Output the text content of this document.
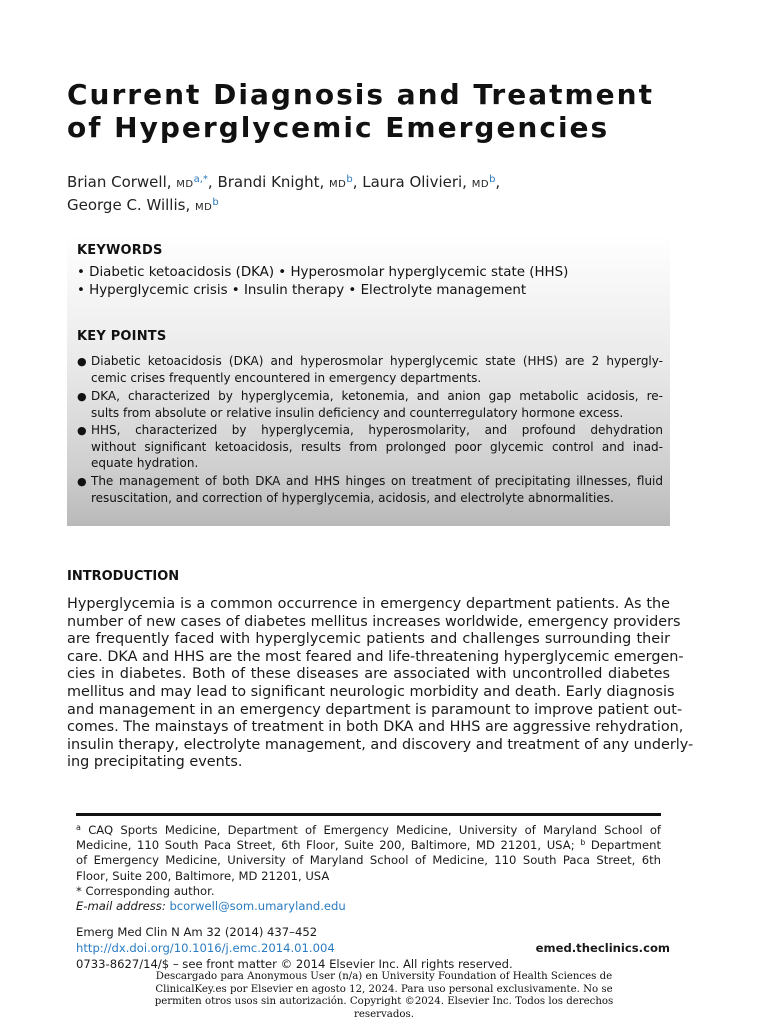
Current Diagnosis and Treatment
of Hyperglycemic Emergencies
Brian Corwell, MD$^{a,*}$, Brandi Knight, MD$^b$, Laura Olivieri, MD$^b$,
George C. Willis, MD$^b$
KEYWORDS
• Diabetic ketoacidosis (DKA) • Hyperosmolar hyperglycemic state (HHS)
• Hyperglycemic crisis • Insulin therapy • Electrolyte management
KEY POINTS
● Diabetic ketoacidosis (DKA) and hyperosmolar hyperglycemic state (HHS) are 2 hypergly-
cemic crises frequently encountered in emergency departments.
● DKA, characterized by hyperglycemia, ketonemia, and anion gap metabolic acidosis, re-
sults from absolute or relative insulin deficiency and counterregulatory hormone excess.
● HHS, characterized by hyperglycemia, hyperosmolarity, and profound dehydration
without significant ketoacidosis, results from prolonged poor glycemic control and inad-
equate hydration.
● The management of both DKA and HHS hinges on treatment of precipitating illnesses, fluid
resuscitation, and correction of hyperglycemia, acidosis, and electrolyte abnormalities.
INTRODUCTION
Hyperglycemia is a common occurrence in emergency department patients. As the
number of new cases of diabetes mellitus increases worldwide, emergency providers
are frequently faced with hyperglycemic patients and challenges surrounding their
care. DKA and HHS are the most feared and life-threatening hyperglycemic emergen-
cies in diabetes. Both of these diseases are associated with uncontrolled diabetes
mellitus and may lead to significant neurologic morbidity and death. Early diagnosis
and management in an emergency department is paramount to improve patient out-
comes. The mainstays of treatment in both DKA and HHS are aggressive rehydration,
insulin therapy, electrolyte management, and discovery and treatment of any underly-
ing precipitating events.
$^a$ CAQ Sports Medicine, Department of Emergency Medicine, University of Maryland School of
Medicine, 110 South Paca Street, 6th Floor, Suite 200, Baltimore, MD 21201, USA; $^b$ Department
of Emergency Medicine, University of Maryland School of Medicine, 110 South Paca Street, 6th
Floor, Suite 200, Baltimore, MD 21201, USA
* Corresponding author.
E-mail address: bcorwell@som.umaryland.edu
Emerg Med Clin N Am 32 (2014) 437–452
http://dx.doi.org/10.1016/j.emc.2014.01.004	emed.theclinics.com
0733-8627/14/$ – see front matter © 2014 Elsevier Inc. All rights reserved.
Descargado para Anonymous User (n/a) en University Foundation of Health Sciences de
ClinicalKey.es por Elsevier en agosto 12, 2024. Para uso personal exclusivamente. No se
permiten otros usos sin autorización. Copyright ©2024. Elsevier Inc. Todos los derechos
reservados.
